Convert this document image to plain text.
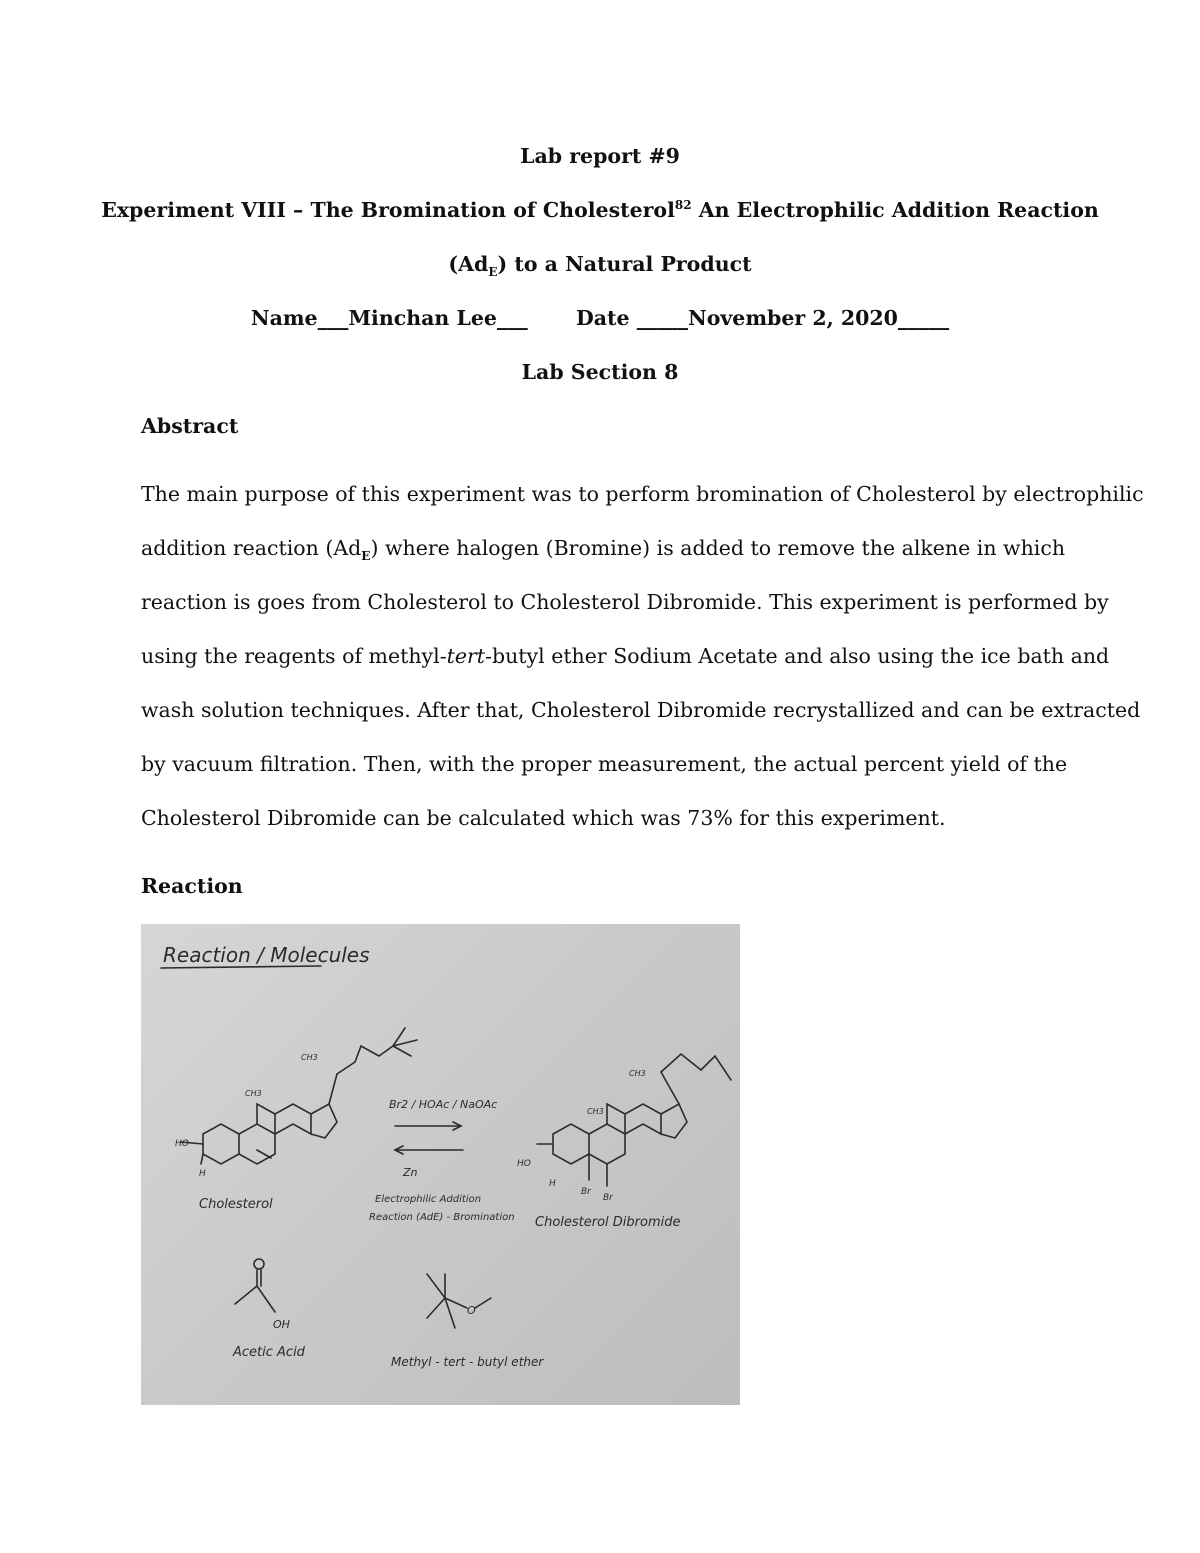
Lab report #9
Experiment VIII – The Bromination of Cholesterol$^{82}$ An Electrophilic Addition Reaction
$(Ad_E)$ to a Natural Product
Name___Minchan Lee___ Date _____November 2, 2020_____
Lab Section 8
Abstract
The main purpose of this experiment was to perform bromination of Cholesterol by electrophilic
addition reaction $(Ad_E)$ where halogen (Bromine) is added to remove the alkene in which
reaction is goes from Cholesterol to Cholesterol Dibromide. This experiment is performed by
using the reagents of methyl-tert-butyl ether Sodium Acetate and also using the ice bath and
wash solution techniques. After that, Cholesterol Dibromide recrystallized and can be extracted
by vacuum filtration. Then, with the proper measurement, the actual percent yield of the
Cholesterol Dibromide can be calculated which was 73% for this experiment.
Reaction
Reaction / Molecules
Br2 / HOAc / NaOAc
Zn
Electrophilic Addition
Reaction (AdE) - Bromination
Cholesterol
Cholesterol Dibromide
Acetic Acid
Methyl - tert - butyl ether
OH
O
HO
HO
CH3
CH3
CH3
CH3
H
H
Br
Br
